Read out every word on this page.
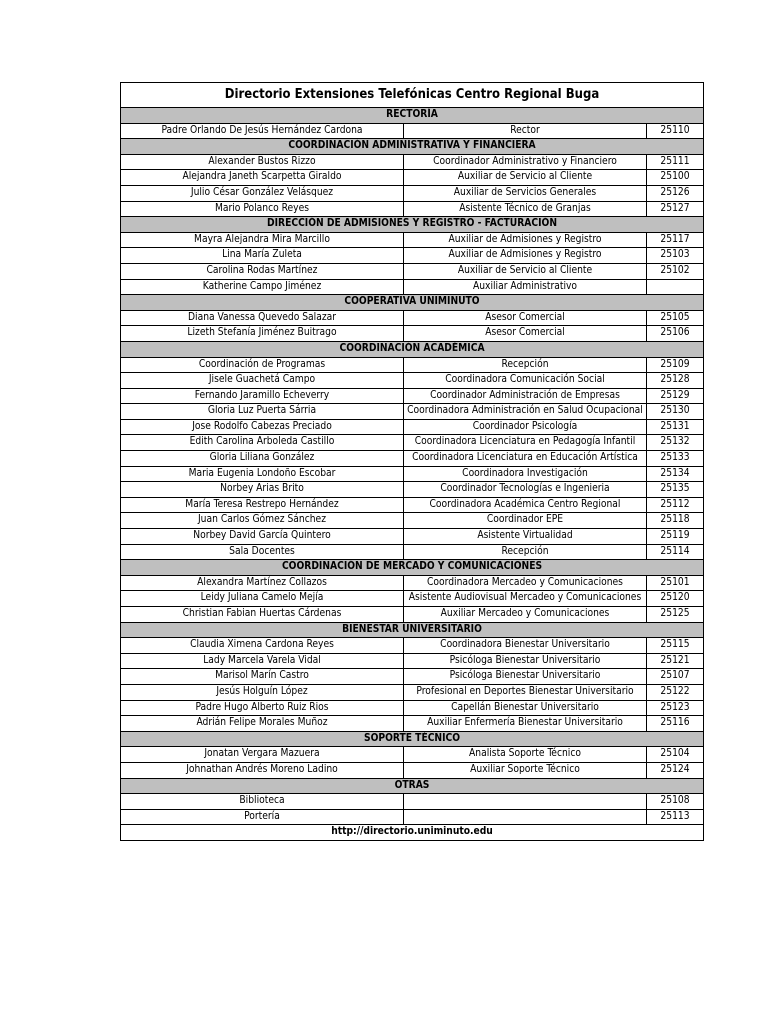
Directorio Extensiones Telefónicas Centro Regional Buga		
RECTORÍA		
Padre Orlando De Jesús Hernández Cardona	Rector	25110
COORDINACIÓN ADMINISTRATIVA Y FINANCIERA		
Alexander Bustos Rizzo	Coordinador Administrativo y Financiero	25111
Alejandra Janeth Scarpetta Giraldo	Auxiliar de Servicio al Cliente	25100
Julio César González Velásquez	Auxiliar de Servicios Generales	25126
Mario Polanco Reyes	Asistente Técnico de Granjas	25127
DIRECCIÓN DE ADMISIONES Y REGISTRO - FACTURACIÓN		
Mayra Alejandra Mira Marcillo	Auxiliar de Admisiones y Registro	25117
Lina María Zuleta	Auxiliar de Admisiones y Registro	25103
Carolina Rodas Martínez	Auxiliar de Servicio al Cliente	25102
Katherine Campo Jiménez	Auxiliar Administrativo	
COOPERATIVA UNIMINUTO		
Diana Vanessa Quevedo Salazar	Asesor Comercial	25105
Lizeth Stefanía Jiménez Buitrago	Asesor Comercial	25106
COORDINACIÓN ACADÉMICA		
Coordinación de Programas	Recepción	25109
Jisele Guachetá Campo	Coordinadora Comunicación Social	25128
Fernando Jaramillo Echeverry	Coordinador Administración de Empresas	25129
Gloria Luz Puerta Sárria	Coordinadora Administración en Salud Ocupacional	25130
Jose Rodolfo Cabezas Preciado	Coordinador Psicología	25131
Edith Carolina Arboleda Castillo	Coordinadora Licenciatura en Pedagogía Infantil	25132
Gloria Liliana González	Coordinadora Licenciatura en Educación Artística	25133
Maria Eugenia Londoño Escobar	Coordinadora Investigación	25134
Norbey Arias Brito	Coordinador Tecnologías e Ingenieria	25135
María Teresa Restrepo Hernández	Coordinadora Académica Centro Regional	25112
Juan Carlos Gómez Sánchez	Coordinador EPE	25118
Norbey David García Quintero	Asistente Virtualidad	25119
Sala Docentes	Recepción	25114
COORDINACIÓN DE MERCADO Y COMUNICACIONES		
Alexandra Martínez Collazos	Coordinadora Mercadeo y Comunicaciones	25101
Leidy Juliana Camelo Mejía	Asistente Audiovisual Mercadeo y Comunicaciones	25120
Christian Fabian Huertas Cárdenas	Auxiliar Mercadeo y Comunicaciones	25125
BIENESTAR UNIVERSITARIO		
Claudia Ximena Cardona Reyes	Coordinadora Bienestar Universitario	25115
Lady Marcela Varela Vidal	Psicóloga Bienestar Universitario	25121
Marisol Marín Castro	Psicóloga Bienestar Universitario	25107
Jesús Holguín López	Profesional en Deportes Bienestar Universitario	25122
Padre Hugo Alberto Ruiz Rios	Capellán Bienestar Universitario	25123
Adrián Felipe Morales Muñoz	Auxiliar Enfermería Bienestar Universitario	25116
SOPORTE TÉCNICO		
Jonatan Vergara Mazuera	Analista Soporte Técnico	25104
Johnathan Andrés Moreno Ladino	Auxiliar Soporte Técnico	25124
OTRAS		
Biblioteca		25108
Portería		25113
http://directorio.uniminuto.edu		
